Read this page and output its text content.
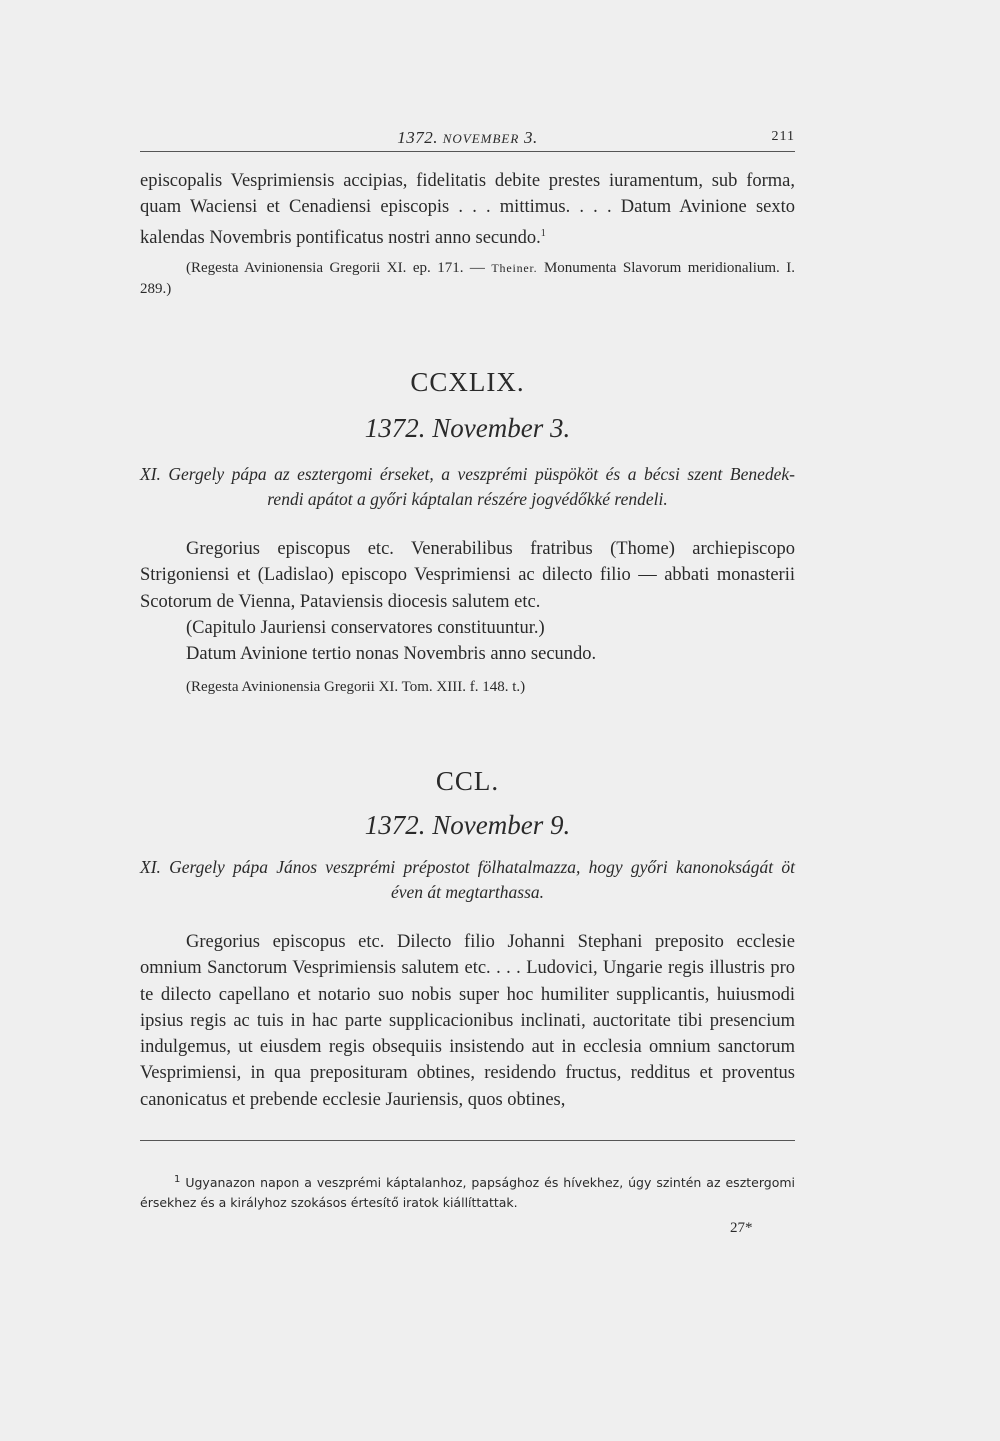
1372. NOVEMBER 3.	211

episcopalis Vesprimiensis accipias, fidelitatis debite prestes iuramentum, sub forma, quam Waciensi et Cenadiensi episcopis . . . mittimus. . . . Datum Avinione sexto kalendas Novembris pontificatus nostri anno secundo.$^1$

(Regesta Avinionensia Gregorii XI. ep. 171. — Theiner. Monumenta Slavorum meridionalium. I. 289.)
CCXLIX.
1372. November 3.
XI. Gergely pápa az esztergomi érseket, a veszprémi püspököt és a bécsi szent Benedek-
rendi apátot a győri káptalan részére jogvédőkké rendeli.

Gregorius episcopus etc. Venerabilibus fratribus (Thome) archiepiscopo Strigoniensi et (Ladislao) episcopo Vesprimiensi ac dilecto filio — abbati monasterii Scotorum de Vienna, Pataviensis diocesis salutem etc.

(Capitulo Jauriensi conservatores constituuntur.)

Datum Avinione tertio nonas Novembris anno secundo.

(Regesta Avinionensia Gregorii XI. Tom. XIII. f. 148. t.)
CCL.
1372. November 9.
XI. Gergely pápa János veszprémi prépostot fölhatalmazza, hogy győri kanonokságát öt
éven át megtarthassa.

Gregorius episcopus etc. Dilecto filio Johanni Stephani preposito ecclesie omnium Sanctorum Vesprimiensis salutem etc. . . . Ludovici, Ungarie regis illustris pro te dilecto capellano et notario suo nobis super hoc humiliter supplicantis, huiusmodi ipsius regis ac tuis in hac parte supplicacionibus inclinati, auctoritate tibi presencium indulgemus, ut eiusdem regis obsequiis insistendo aut in ecclesia omnium sanctorum Vesprimiensi, in qua preposituram obtines, residendo fructus, redditus et proventus canonicatus et prebende ecclesie Jauriensis, quos obtines,

$^1$ Ugyanazon napon a veszprémi káptalanhoz, papsághoz és hívekhez, úgy szintén az esztergomi érsekhez és a királyhoz szokásos értesítő iratok kiállíttattak.
27*
